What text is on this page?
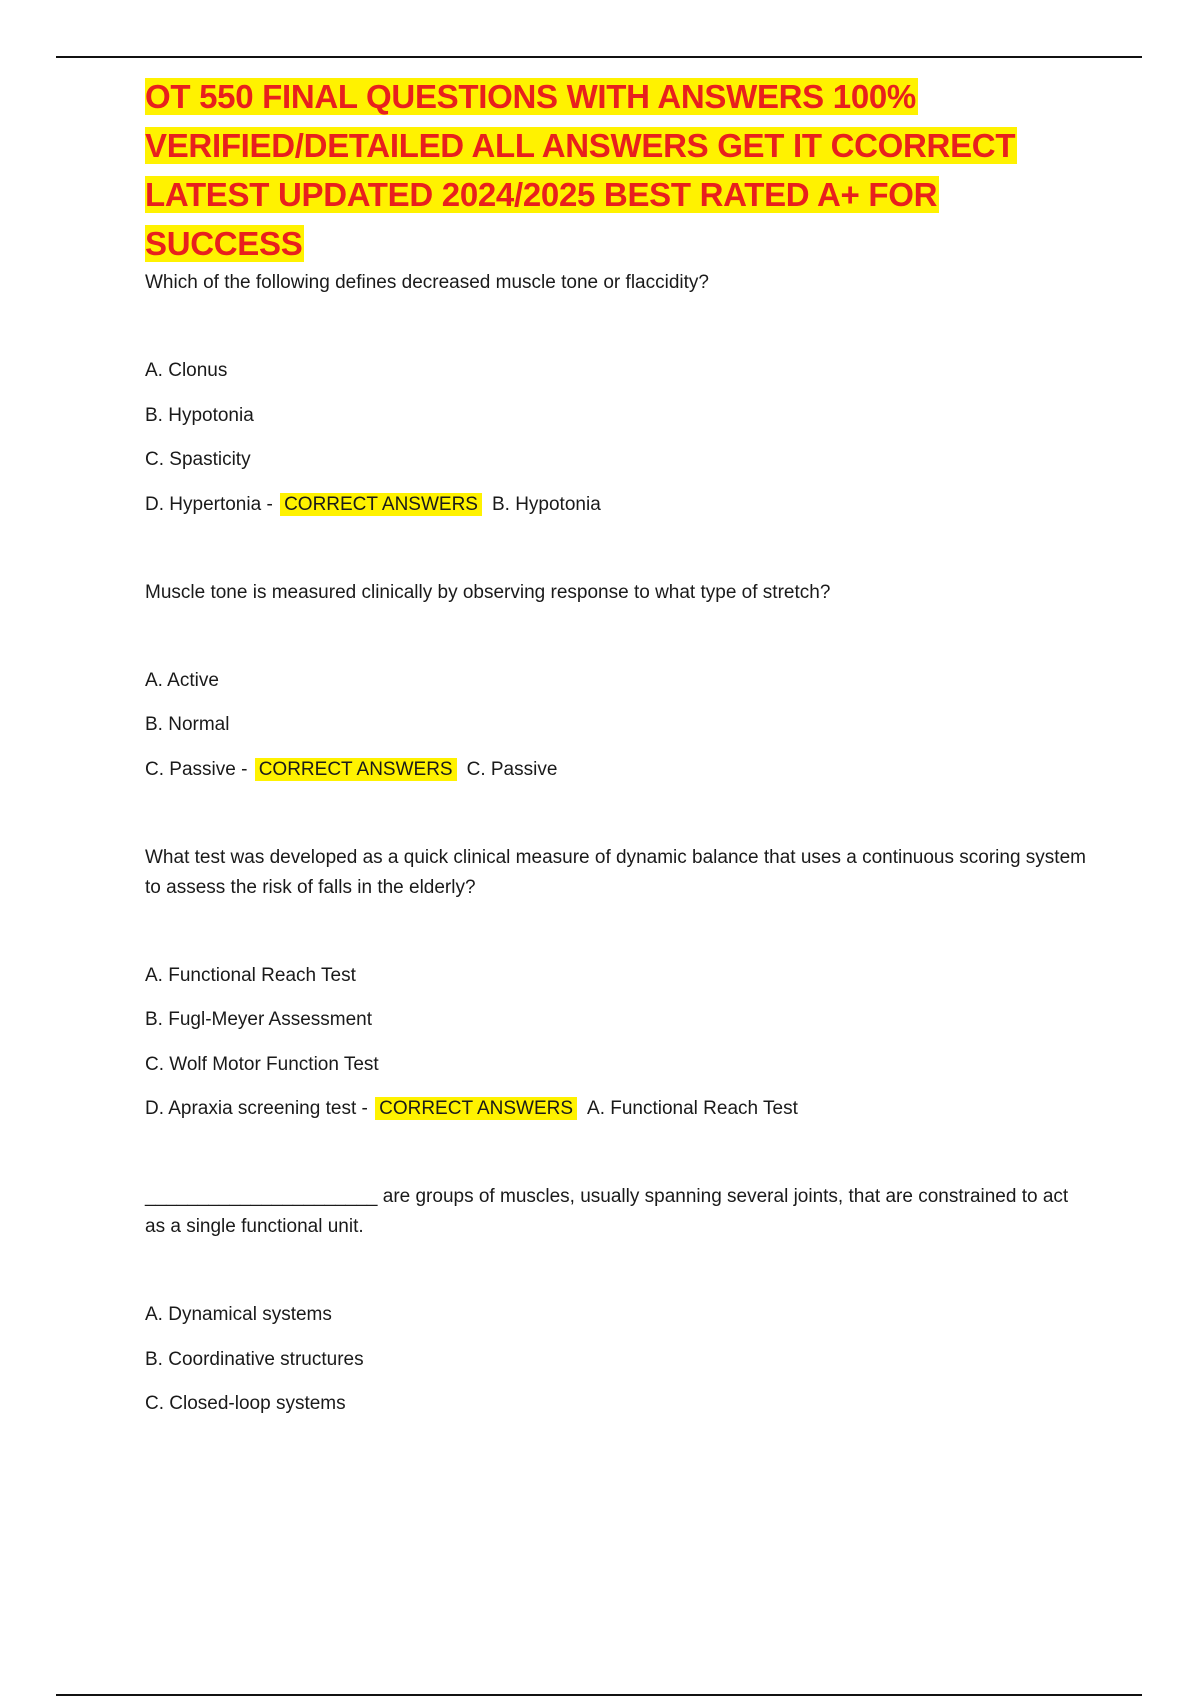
OT 550 FINAL QUESTIONS WITH ANSWERS 100% VERIFIED/DETAILED ALL ANSWERS GET IT CCORRECT LATEST UPDATED 2024/2025 BEST RATED A+ FOR SUCCESS

Which of the following defines decreased muscle tone or flaccidity?

A. Clonus

B. Hypotonia

C. Spasticity

D. Hypertonia - CORRECT ANSWERS B. Hypotonia

Muscle tone is measured clinically by observing response to what type of stretch?

A. Active

B. Normal

C. Passive - CORRECT ANSWERS C. Passive

What test was developed as a quick clinical measure of dynamic balance that uses a continuous scoring system to assess the risk of falls in the elderly?

A. Functional Reach Test

B. Fugl-Meyer Assessment

C. Wolf Motor Function Test

D. Apraxia screening test - CORRECT ANSWERS A. Functional Reach Test

______________________ are groups of muscles, usually spanning several joints, that are constrained to act as a single functional unit.

A. Dynamical systems

B. Coordinative structures

C. Closed-loop systems
